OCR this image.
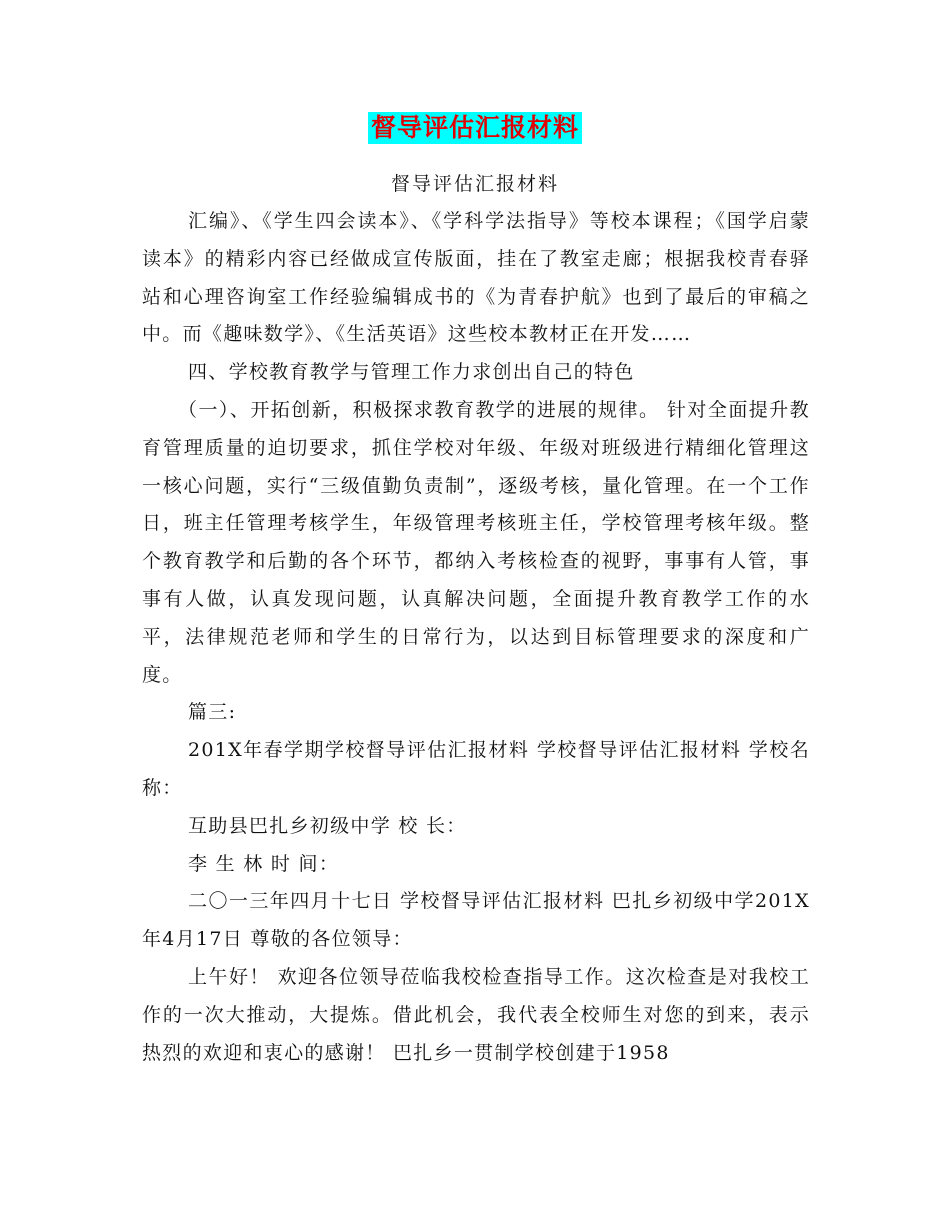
督导评估汇报材料
督导评估汇报材料

汇编》、《学生四会读本》、《学科学法指导》等校本课程；《国学启蒙读本》的精彩内容已经做成宣传版面，挂在了教室走廊；根据我校青春驿站和心理咨询室工作经验编辑成书的《为青春护航》也到了最后的审稿之中。而《趣味数学》、《生活英语》这些校本教材正在开发……

四、学校教育教学与管理工作力求创出自己的特色

（一）、开拓创新，积极探求教育教学的进展的规律。 针对全面提升教育管理质量的迫切要求，抓住学校对年级、年级对班级进行精细化管理这一核心问题，实行“三级值勤负责制”，逐级考核，量化管理。在一个工作日，班主任管理考核学生，年级管理考核班主任，学校管理考核年级。整个教育教学和后勤的各个环节，都纳入考核检查的视野，事事有人管，事事有人做，认真发现问题，认真解决问题，全面提升教育教学工作的水平，法律规范老师和学生的日常行为，以达到目标管理要求的深度和广度。

篇三:

201X年春学期学校督导评估汇报材料 学校督导评估汇报材料 学校名称：

互助县巴扎乡初级中学 校 长：

李 生 林 时 间：

二〇一三年四月十七日 学校督导评估汇报材料 巴扎乡初级中学201X年4月17日 尊敬的各位领导：

上午好！ 欢迎各位领导莅临我校检查指导工作。这次检查是对我校工作的一次大推动，大提炼。借此机会，我代表全校师生对您的到来，表示热烈的欢迎和衷心的感谢！ 巴扎乡一贯制学校创建于1958
